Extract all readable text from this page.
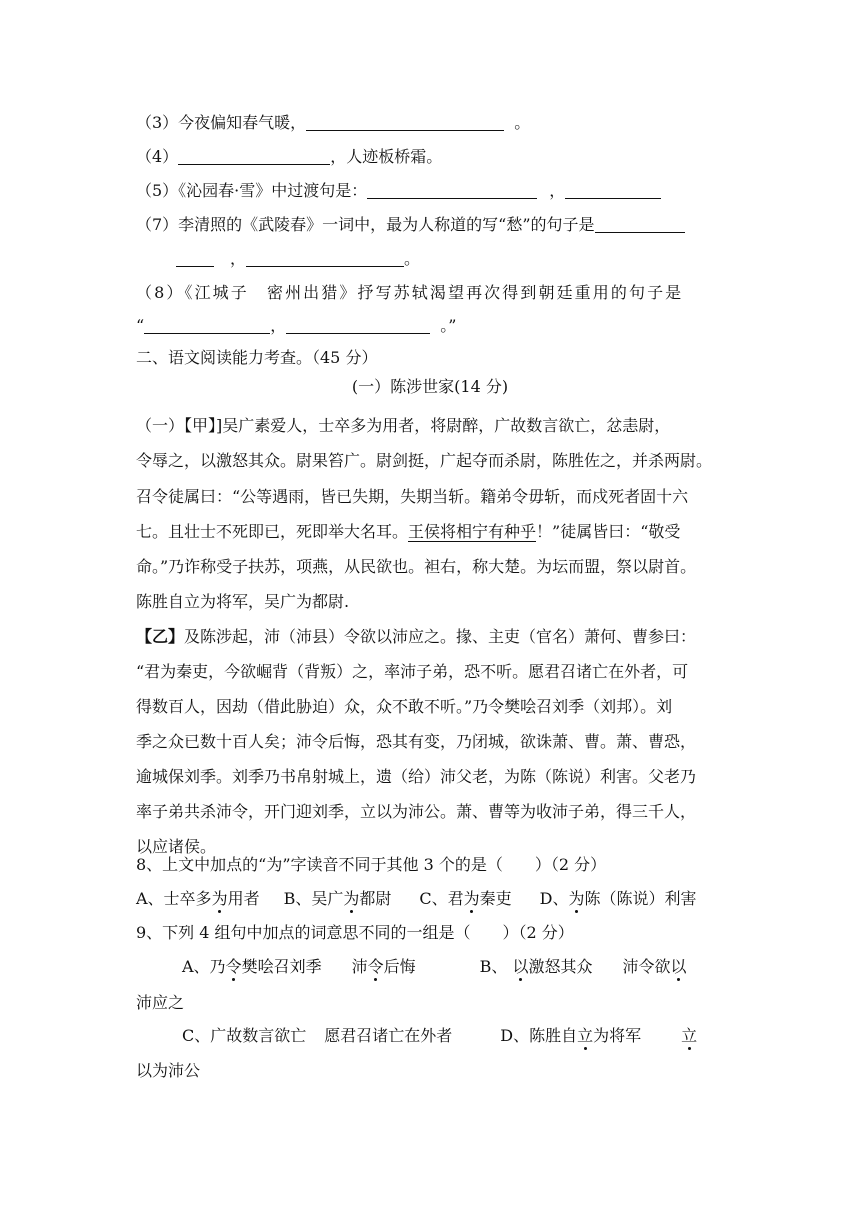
（3）今夜偏知春气暖，	。
（4）	，人迹板桥霜。
（5）《沁园春·雪》中过渡句是：	，
（7）李清照的《武陵春》一词中，最为人称道的写“愁”的句子是
，	。
（8）《江城子　密州出猎》抒写苏轼渴望再次得到朝廷重用的句子是
“	，	。”
二、语文阅读能力考查。（45 分）
(一）陈涉世家(14 分)
（一）【甲】]吴广素爱人，士卒多为用者，将尉醉，广故数言欲亡，忿恚尉，
令辱之，以激怒其众。尉果笞广。尉剑挺，广起夺而杀尉，陈胜佐之，并杀两尉。
召令徒属曰：“公等遇雨，皆已失期，失期当斩。籍弟令毋斩，而戍死者固十六
七。且壮士不死即已，死即举大名耳。王侯将相宁有种乎！”徒属皆曰：“敬受
命。”乃诈称受子扶苏，项燕，从民欲也。袒右，称大楚。为坛而盟，祭以尉首。
陈胜自立为将军，吴广为都尉.
【乙】及陈涉起，沛（沛县）令欲以沛应之。掾、主吏（官名）萧何、曹参曰：
“君为秦吏，今欲崛背（背叛）之，率沛子弟，恐不听。愿君召诸亡在外者，可
得数百人，因劫（借此胁迫）众，众不敢不听。”乃令樊哙召刘季（刘邦）。刘
季之众已数十百人矣；沛令后悔，恐其有变，乃闭城，欲诛萧、曹。萧、曹恐，
逾城保刘季。刘季乃书帛射城上，遗（给）沛父老，为陈（陈说）利害。父老乃
率子弟共杀沛令，开门迎刘季，立以为沛公。萧、曹等为收沛子弟，得三千人，
以应诸侯。
8、上文中加点的“为”字读音不同于其他 3 个的是（　　）（2 分）
A、士卒多为用者 B、吴广为都尉 C、君为秦吏 D、为陈（陈说）利害
9、下列 4 组句中加点的词意思不同的一组是（　　）（2 分）
A、乃令樊哙召刘季 沛令后悔	B、 以激怒其众 沛令欲以
沛应之
C、广故数言欲亡 愿君召诸亡在外者	D、陈胜自立为将军	立
以为沛公
